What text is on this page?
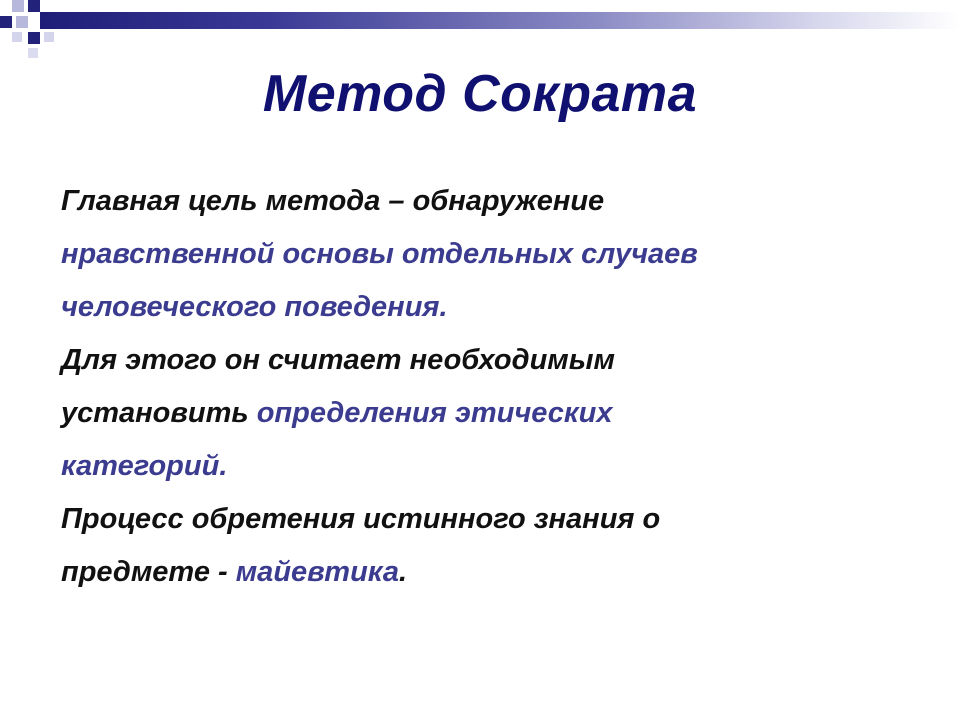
Метод Сократа
Главная цель метода – обнаружение
нравственной основы отдельных случаев
человеческого поведения.
Для этого он считает необходимым
установить определения этических
категорий.
Процесс обретения истинного знания о
предмете - майевтика.
